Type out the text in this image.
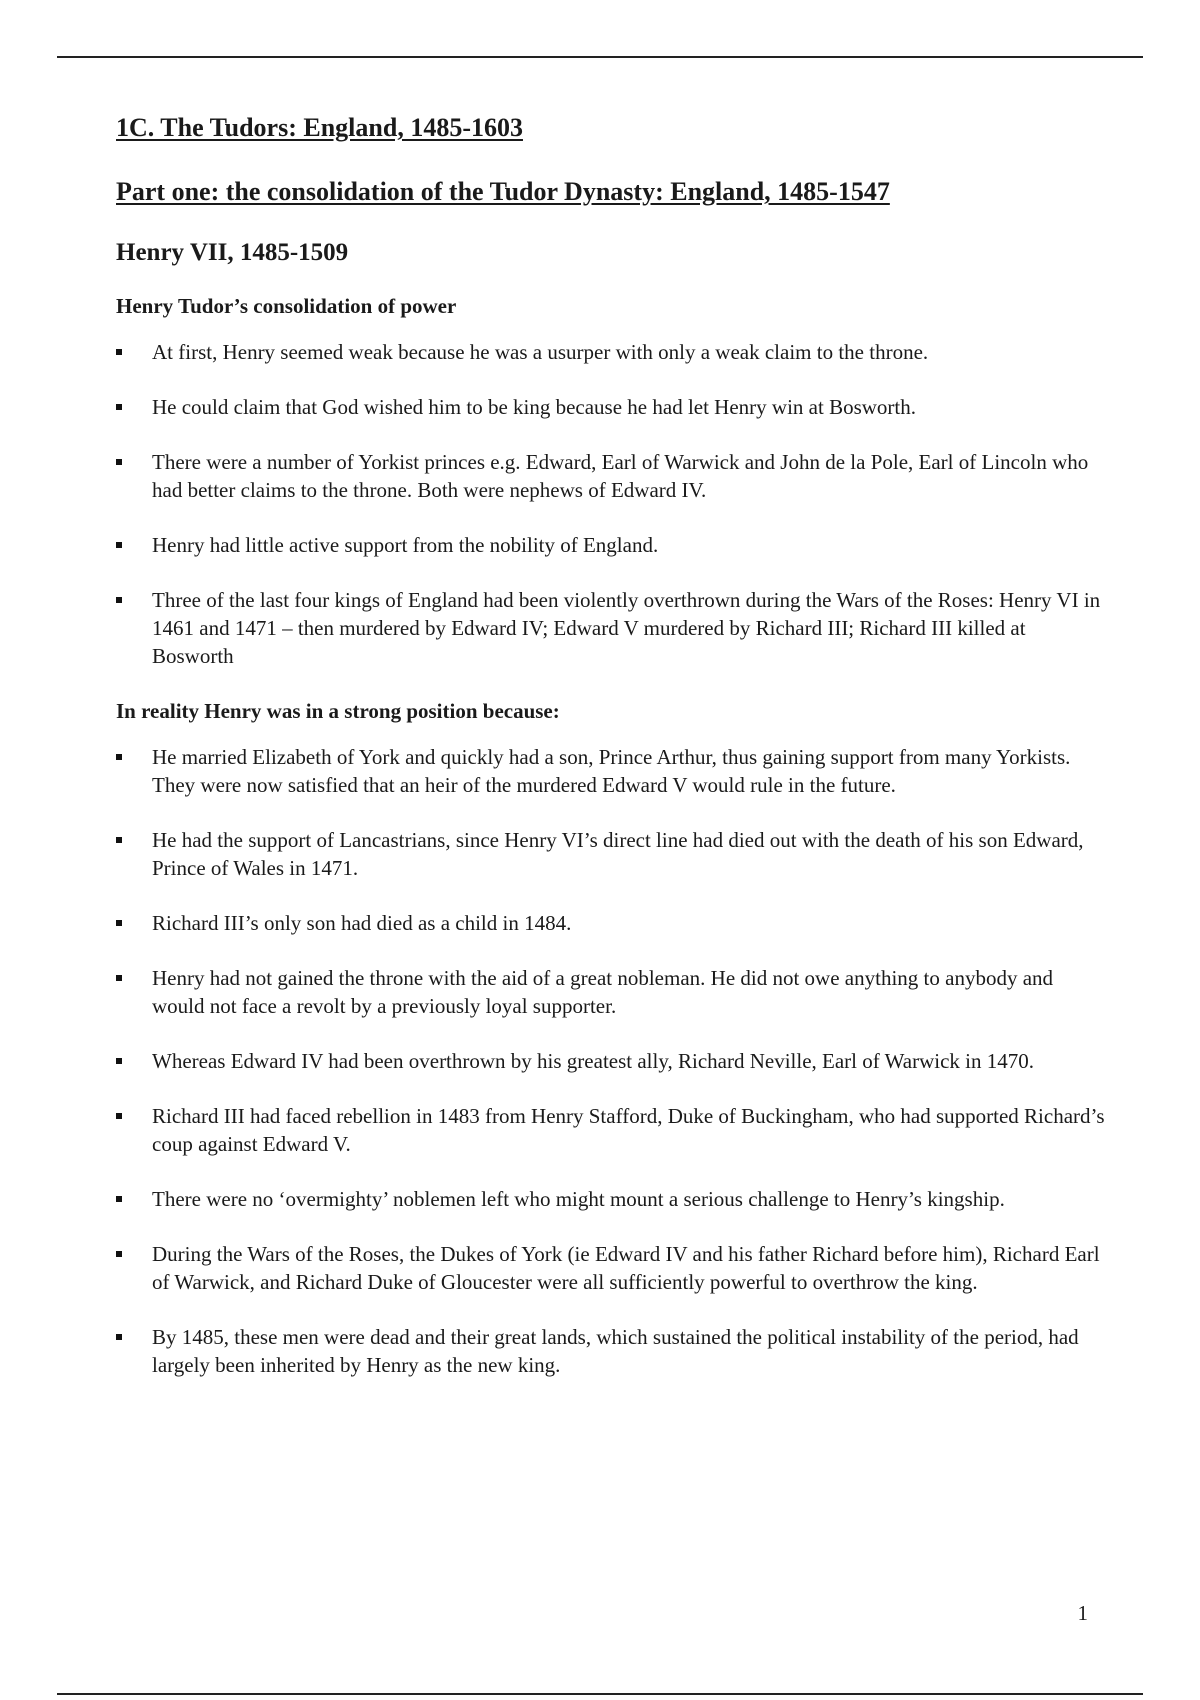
1C. The Tudors: England, 1485-1603
Part one: the consolidation of the Tudor Dynasty: England, 1485-1547
Henry VII, 1485-1509
Henry Tudor’s consolidation of power
At first, Henry seemed weak because he was a usurper with only a weak claim to the throne.
He could claim that God wished him to be king because he had let Henry win at Bosworth.
There were a number of Yorkist princes e.g. Edward, Earl of Warwick and John de la Pole, Earl of Lincoln who had better claims to the throne. Both were nephews of Edward IV.
Henry had little active support from the nobility of England.
Three of the last four kings of England had been violently overthrown during the Wars of the Roses: Henry VI in 1461 and 1471 – then murdered by Edward IV; Edward V murdered by Richard III; Richard III killed at Bosworth
In reality Henry was in a strong position because:
He married Elizabeth of York and quickly had a son, Prince Arthur, thus gaining support from many Yorkists. They were now satisfied that an heir of the murdered Edward V would rule in the future.
He had the support of Lancastrians, since Henry VI’s direct line had died out with the death of his son Edward, Prince of Wales in 1471.
Richard III’s only son had died as a child in 1484.
Henry had not gained the throne with the aid of a great nobleman. He did not owe anything to anybody and would not face a revolt by a previously loyal supporter.
Whereas Edward IV had been overthrown by his greatest ally, Richard Neville, Earl of Warwick in 1470.
Richard III had faced rebellion in 1483 from Henry Stafford, Duke of Buckingham, who had supported Richard’s coup against Edward V.
There were no ‘overmighty’ noblemen left who might mount a serious challenge to Henry’s kingship.
During the Wars of the Roses, the Dukes of York (ie Edward IV and his father Richard before him), Richard Earl of Warwick, and Richard Duke of Gloucester were all sufficiently powerful to overthrow the king.
By 1485, these men were dead and their great lands, which sustained the political instability of the period, had largely been inherited by Henry as the new king.
1
